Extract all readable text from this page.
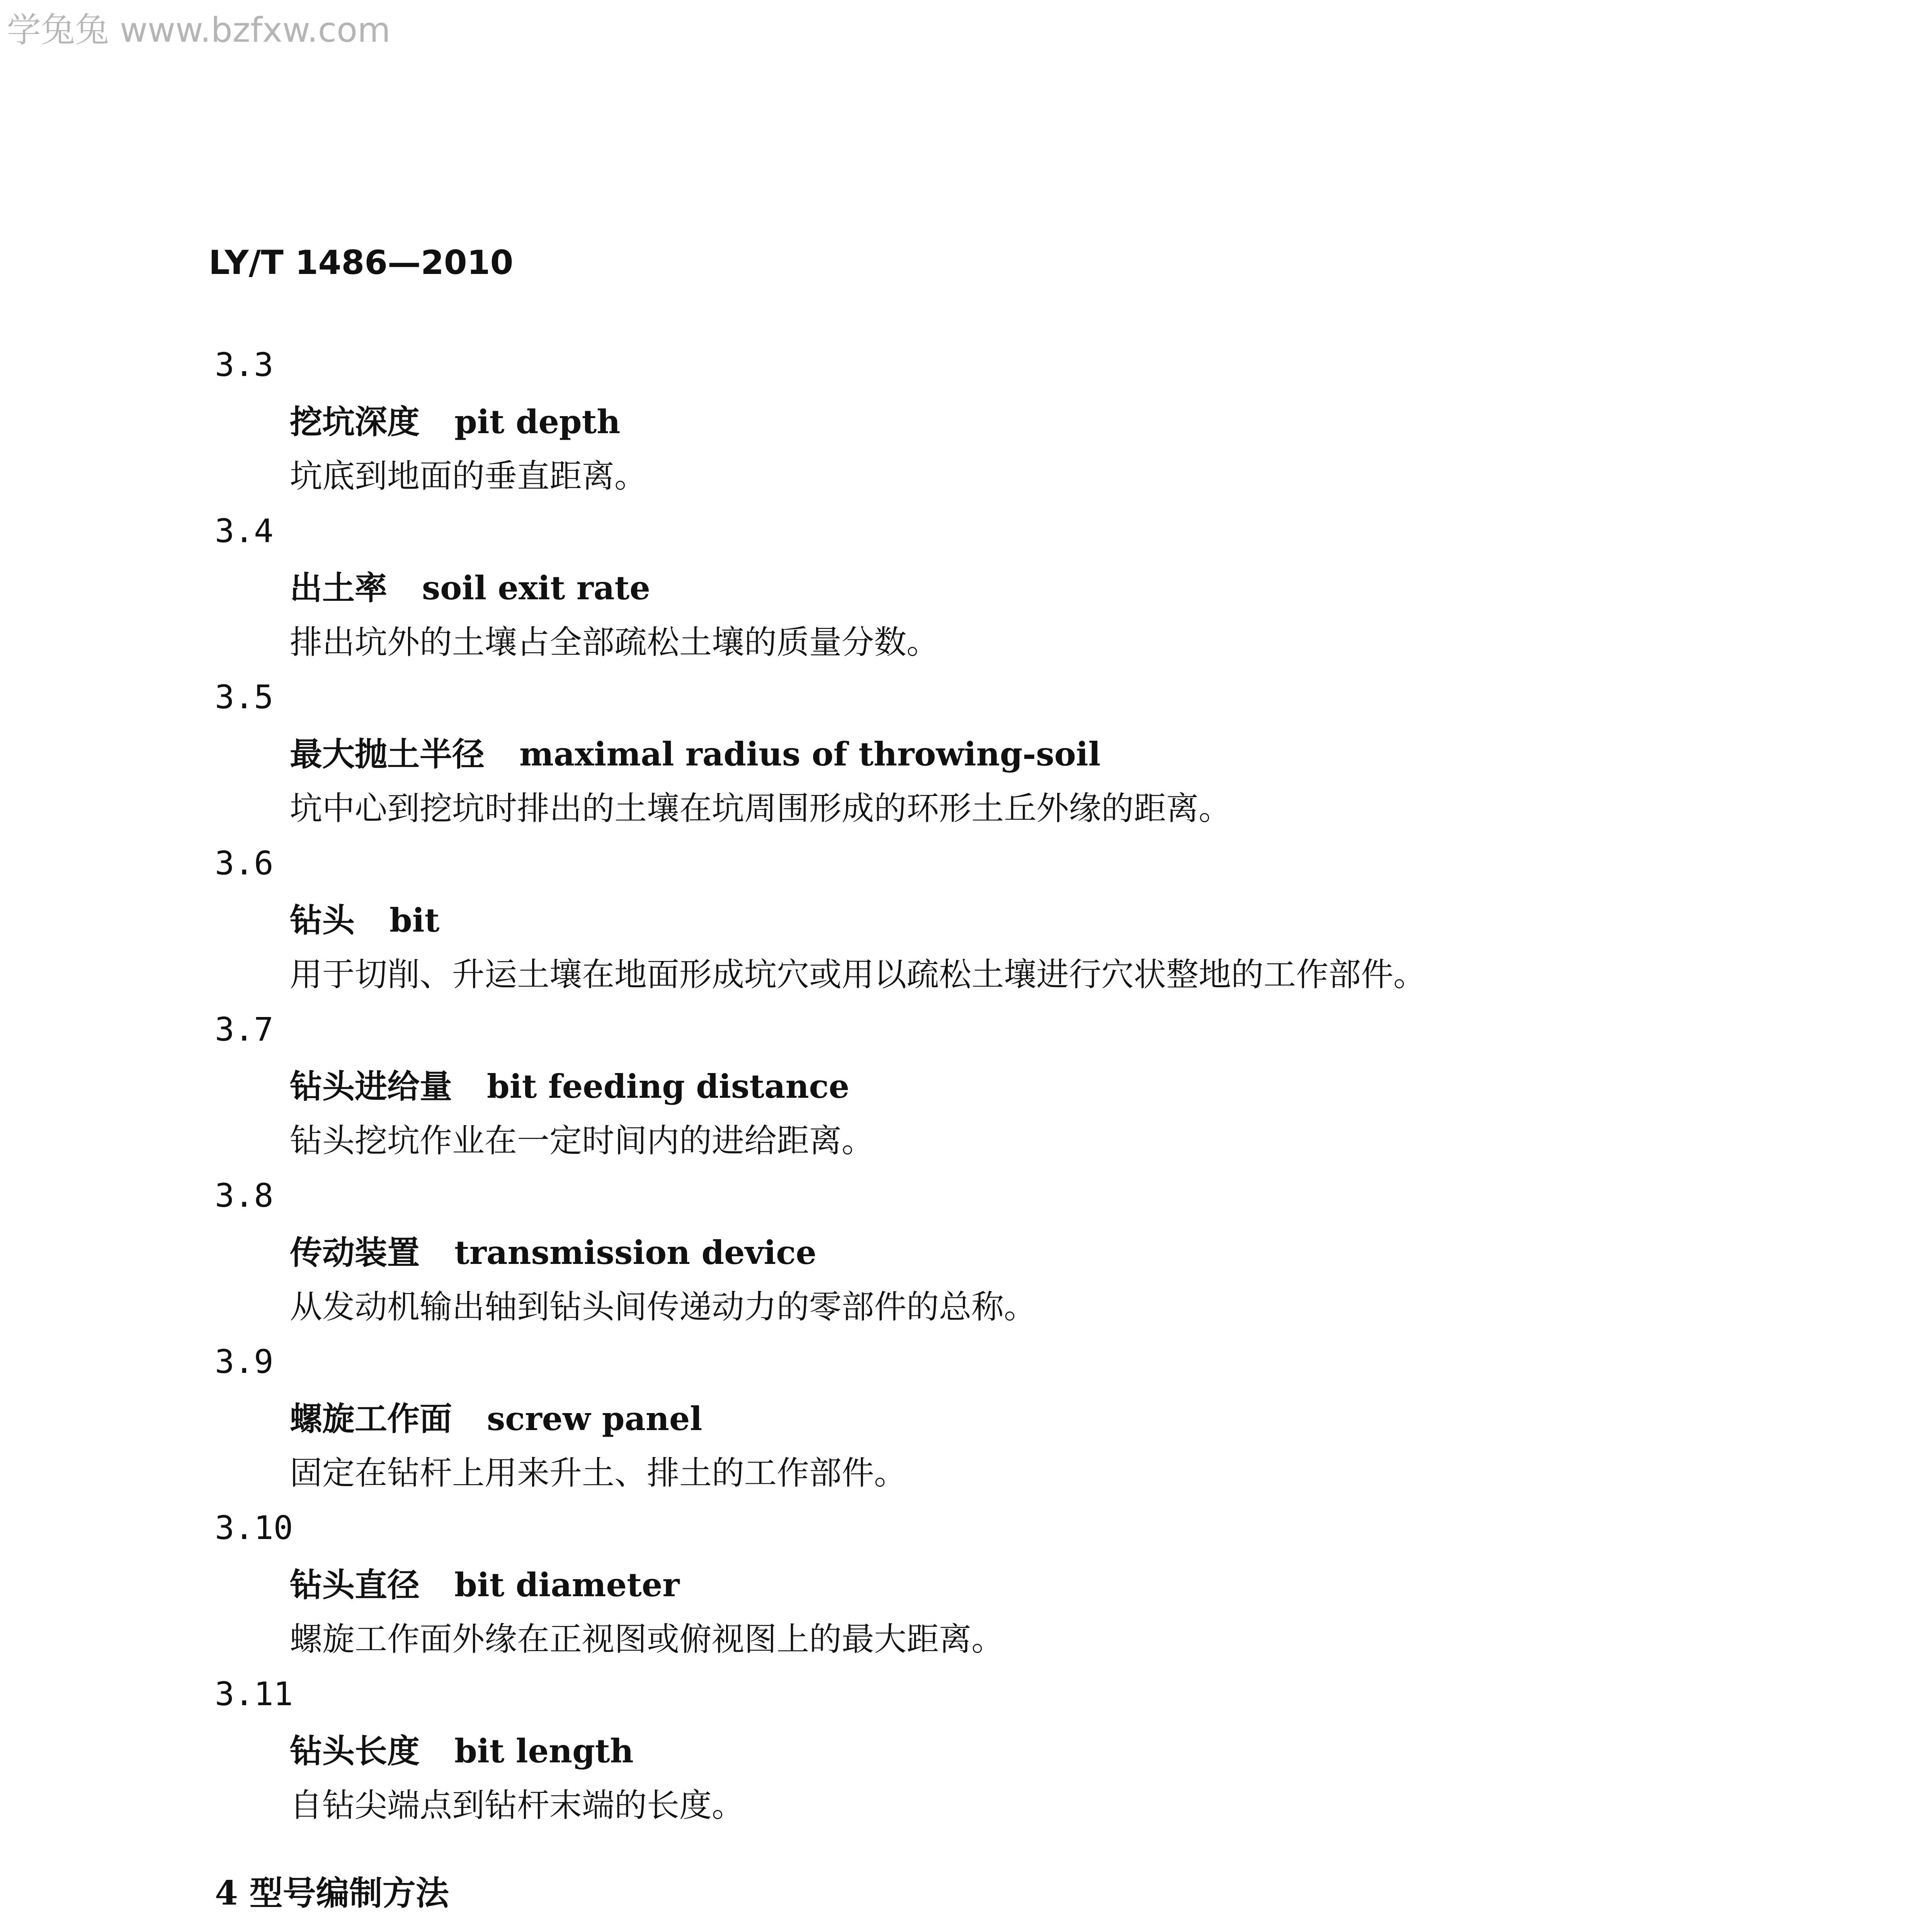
学兔兔 www.bzfxw.com
LY/T 1486—2010
3.3
挖坑深度 pit depth
坑底到地面的垂直距离。
3.4
出土率 soil exit rate
排出坑外的土壤占全部疏松土壤的质量分数。
3.5
最大抛土半径 maximal radius of throwing-soil
坑中心到挖坑时排出的土壤在坑周围形成的环形土丘外缘的距离。
3.6
钻头 bit
用于切削、升运土壤在地面形成坑穴或用以疏松土壤进行穴状整地的工作部件。
3.7
钻头进给量 bit feeding distance
钻头挖坑作业在一定时间内的进给距离。
3.8
传动装置 transmission device
从发动机输出轴到钻头间传递动力的零部件的总称。
3.9
螺旋工作面 screw panel
固定在钻杆上用来升土、排土的工作部件。
3.10
钻头直径 bit diameter
螺旋工作面外缘在正视图或俯视图上的最大距离。
3.11
钻头长度 bit length
自钻尖端点到钻杆末端的长度。
4 型号编制方法
